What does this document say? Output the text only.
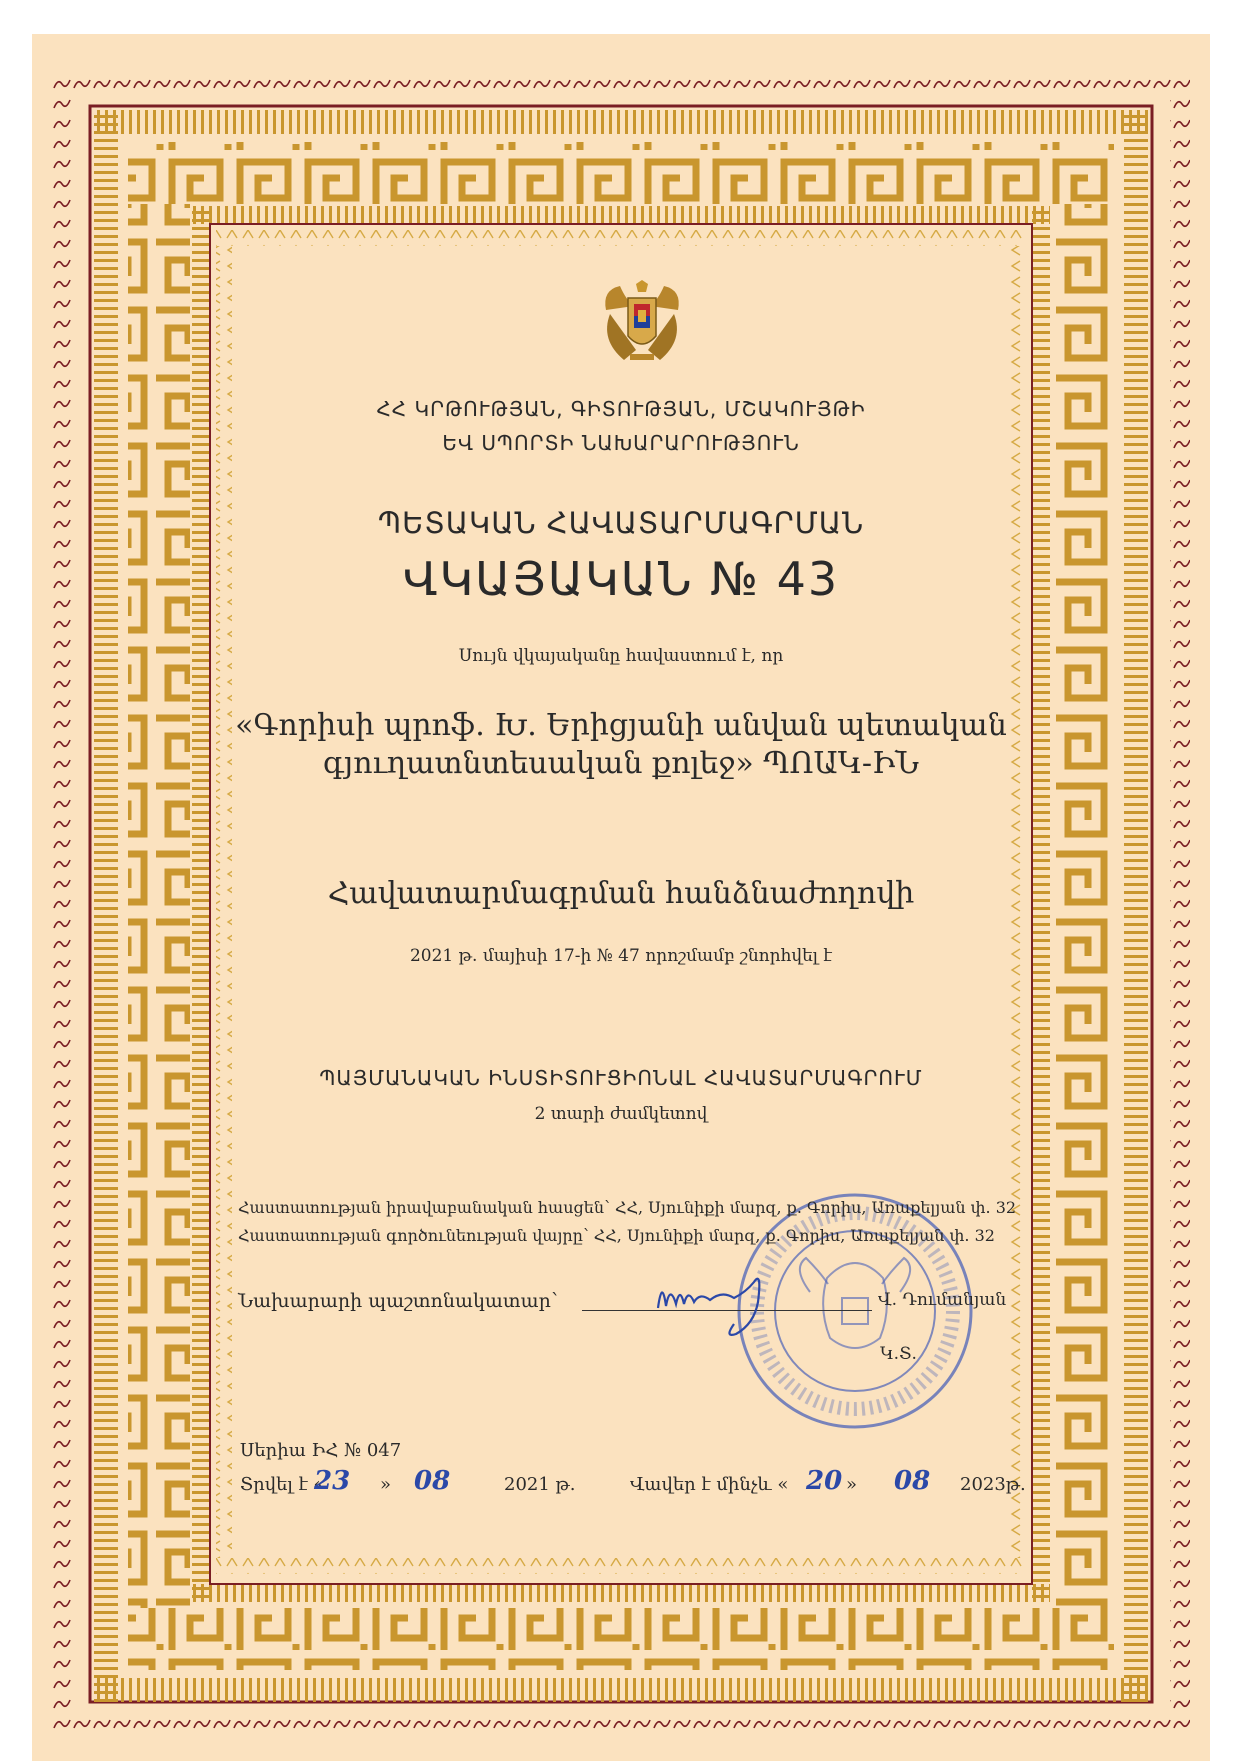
ՀՀ ԿՐԹՈՒԹՅԱՆ, ԳԻՏՈՒԹՅԱՆ, ՄՇԱԿՈՒՅԹԻ
ԵՎ ՍՊՈՐՏԻ ՆԱԽԱՐԱՐՈՒԹՅՈՒՆ
ՊԵՏԱԿԱՆ ՀԱՎԱՏԱՐՄԱԳՐՄԱՆ
ՎԿԱՅԱԿԱՆ № 43
Սույն վկայականը հավաստում է, որ
«Գորիսի պրոֆ. Խ. Երիցյանի անվան պետական
գյուղատնտեսական քոլեջ» ՊՈԱԿ-ԻՆ
Հավատարմագրման հանձնաժողովի
2021 թ. մայիսի 17-ի № 47 որոշմամբ շնորհվել է
ՊԱՅՄԱՆԱԿԱՆ ԻՆՍՏԻՏՈՒՑԻՈՆԱԼ ՀԱՎԱՏԱՐՄԱԳՐՈՒՄ
2 տարի ժամկետով
Հաստատության իրավաբանական հասցեն՝ ՀՀ, Սյունիքի մարզ, ք. Գորիս, Առաքելյան փ. 32
Հաստատության գործունեության վայրը՝ ՀՀ, Սյունիքի մարզ, ք. Գորիս, Առաքելյան փ. 32
Նախարարի պաշտոնակատար՝	Վ. Դումանյան
Կ.Տ.
Սերիա ԻՀ № 047
Տրվել է «
23 » 08	2021 թ.	Վավեր է մինչև « 20 » 08 2023թ.
